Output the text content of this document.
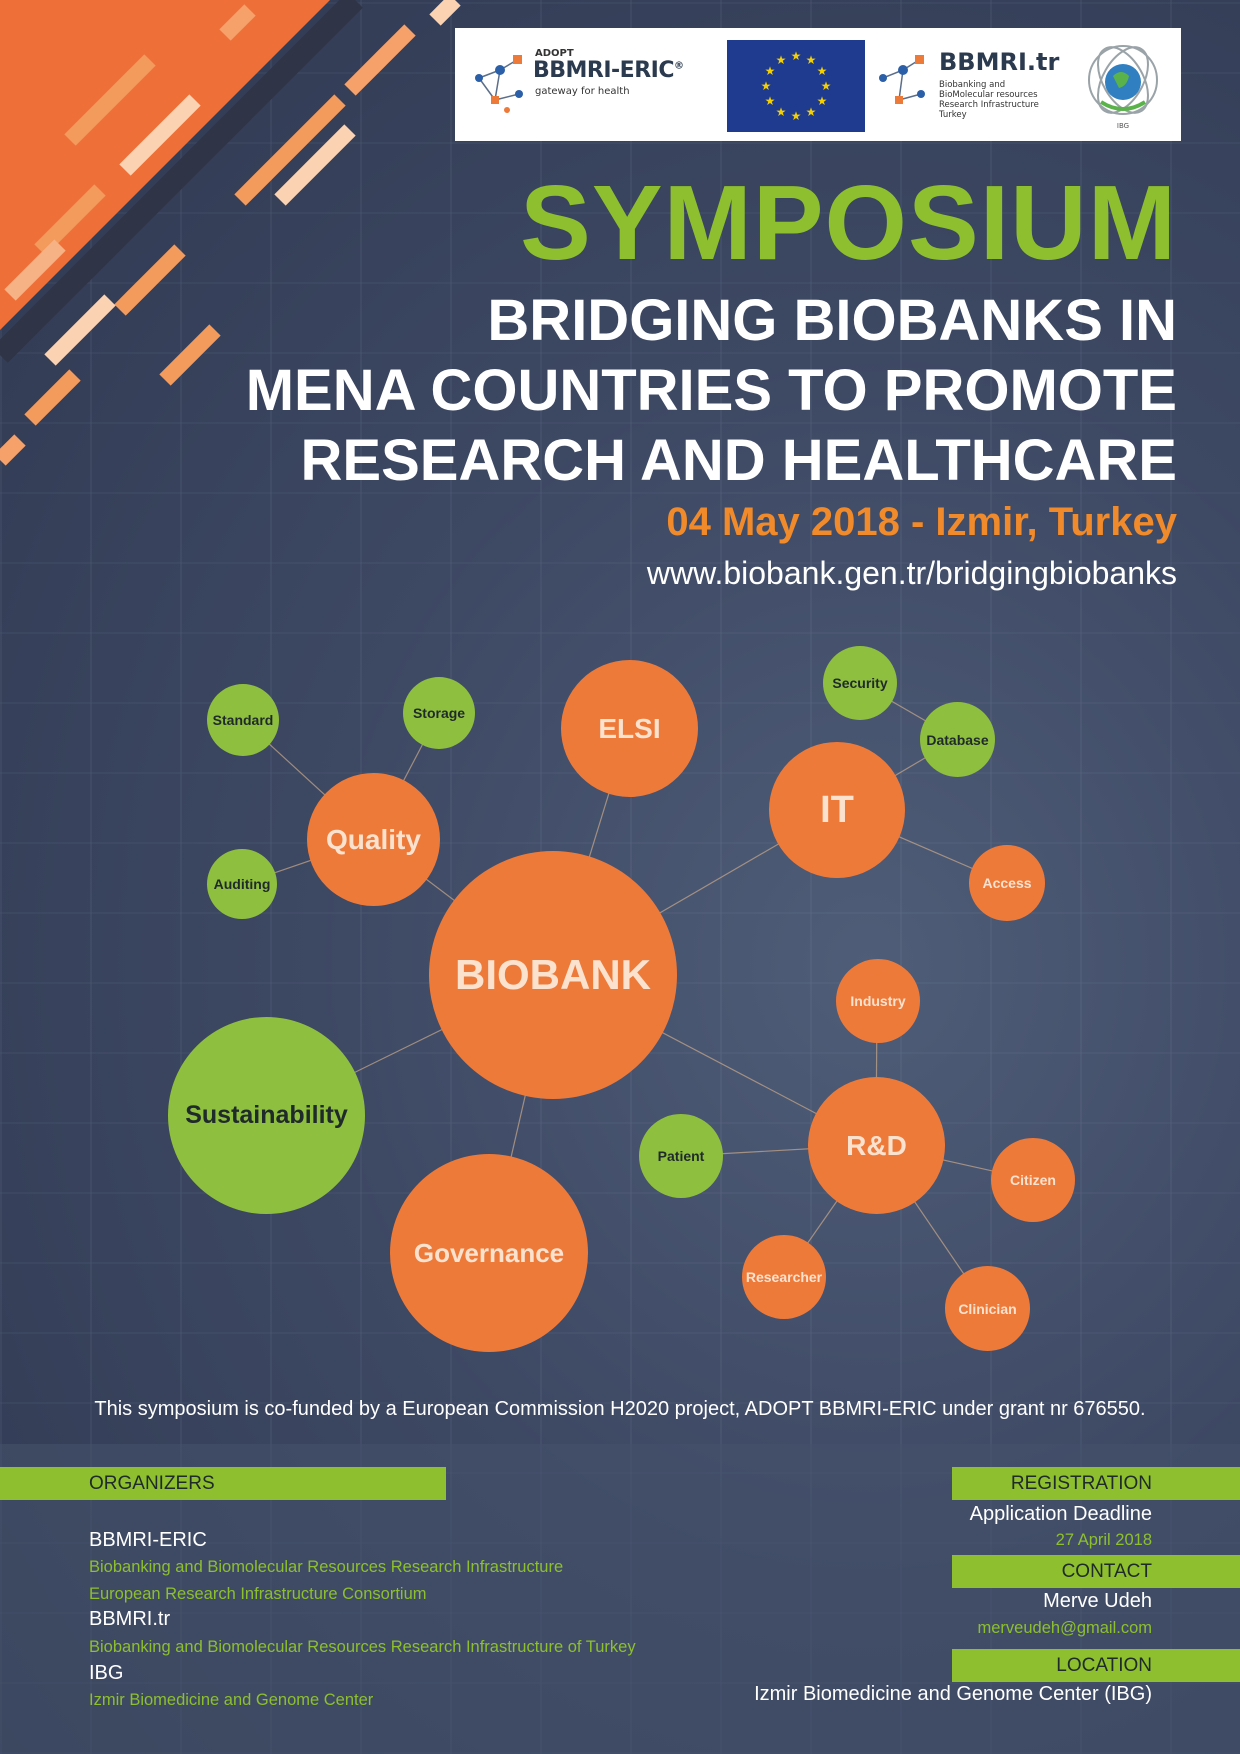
ADOPT
BBMRI-ERIC®
gateway for health
★ ★
★
★
★
★
★
★
★
★
★
★	BBMRI.tr
Biobanking and BioMolecular resources Research Infrastructure Turkey
IBG
SYMPOSIUM
BRIDGING BIOBANKS IN
MENA COUNTRIES TO PROMOTE
RESEARCH AND HEALTHCARE
04 May 2018 - Izmir, Turkey
www.biobank.gen.tr/bridgingbiobanks
Quality
Standard	Storage
Auditing
ELSI
IT
Security
Database
Access
BIOBANK
Sustainability
Governance
Industry
R&D
Patient
Citizen
Researcher
Clinician
This symposium is co-funded by a European Commission H2020 project, ADOPT BBMRI-ERIC under grant nr 676550.
ORGANIZERS
BBMRI-ERIC
Biobanking and Biomolecular Resources Research Infrastructure
European Research Infrastructure Consortium
BBMRI.tr
Biobanking and Biomolecular Resources Research Infrastructure of Turkey
IBG
Izmir Biomedicine and Genome Center
REGISTRATION
Application Deadline
27 April 2018
CONTACT
Merve Udeh
merveudeh@gmail.com
LOCATION
Izmir Biomedicine and Genome Center (IBG)
